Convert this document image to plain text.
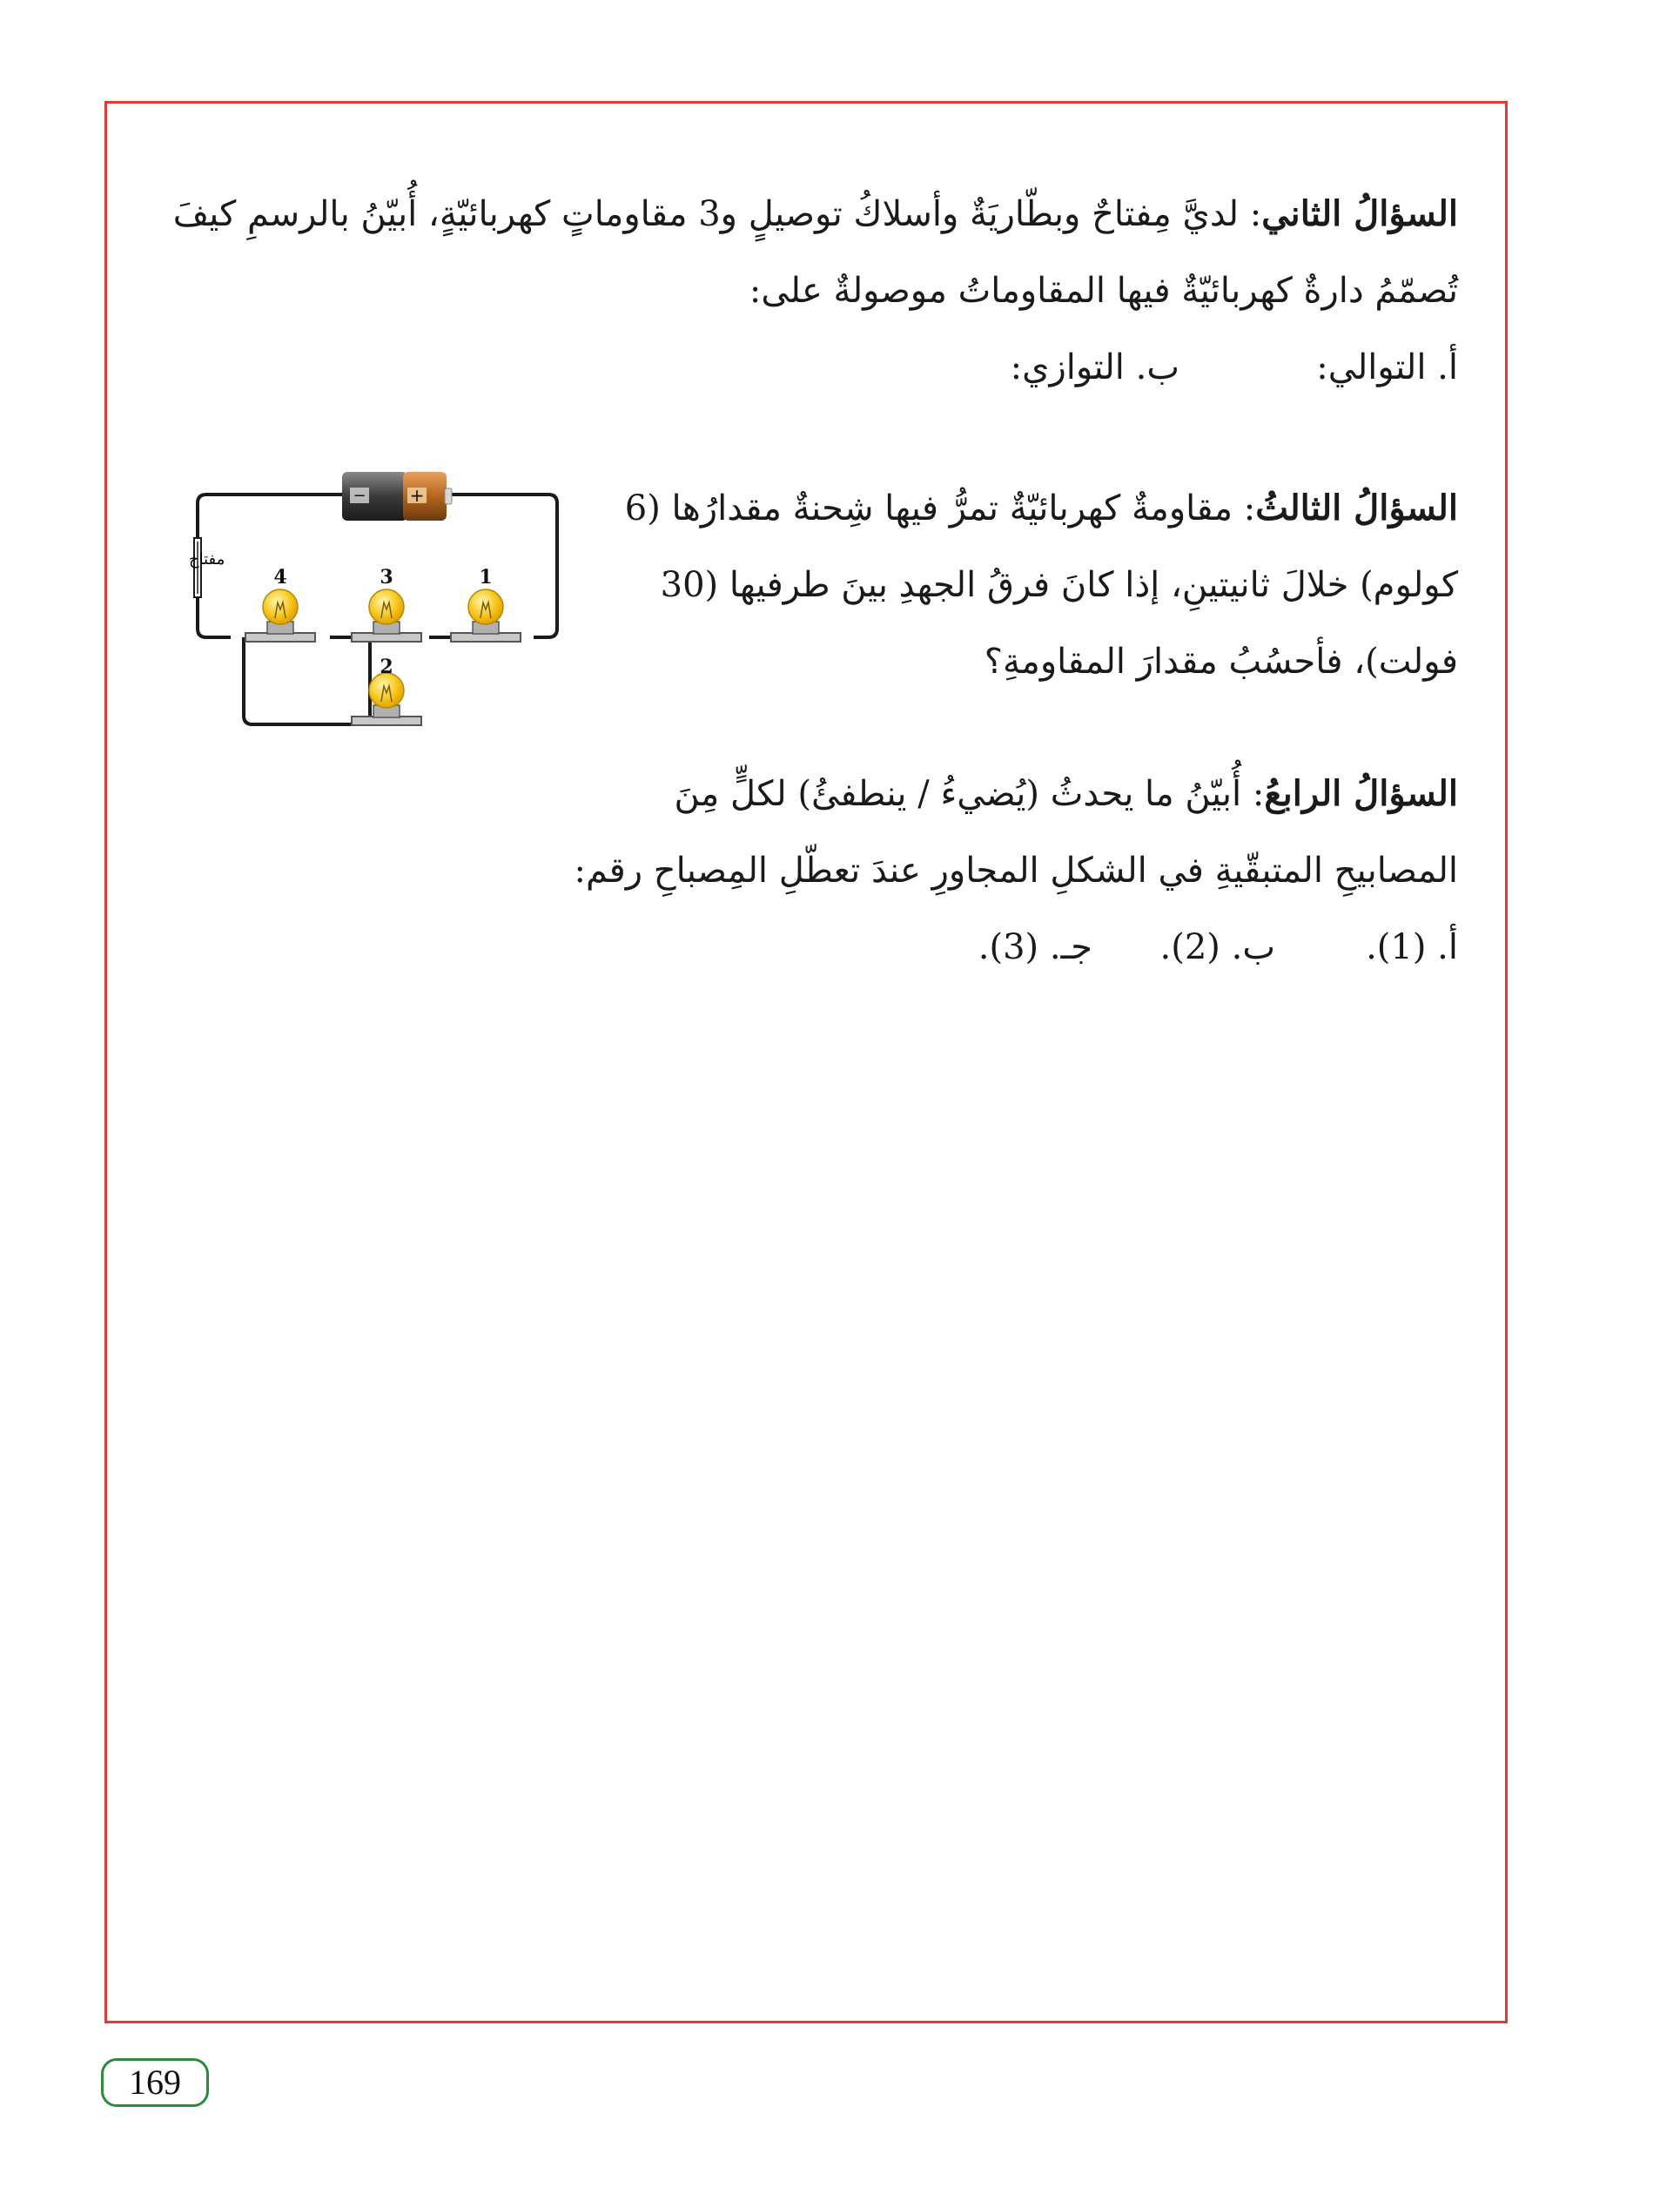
السؤالُ الثاني: لديَّ مِفتاحٌ وبطّاريَةٌ وأسلاكُ توصيلٍ و3 مقاوماتٍ كهربائيّةٍ، أُبيّنُ بالرسمِ كيفَ

تُصمّمُ دارةٌ كهربائيّةٌ فيها المقاوماتُ موصولةٌ على:

أ. التوالي:
ب. التوازي:

السؤالُ الثالثُ: مقاومةٌ كهربائيّةٌ تمرُّ فيها شِحنةٌ مقدارُها (6

كولوم) خلالَ ثانيتينِ، إذا كانَ فرقُ الجهدِ بينَ طرفيها (30

فولت)، فأحسُبُ مقدارَ المقاومةِ؟

السؤالُ الرابعُ: أُبيّنُ ما يحدثُ (يُضيءُ / ينطفئُ) لكلٍّ مِنَ

المصابيحِ المتبقّيةِ في الشكلِ المجاورِ عندَ تعطّلِ المِصباحِ رقم:

أ. (1).
ب. (2).
جـ. (3).

مفتاح
−	+
1
2
3
4
169
